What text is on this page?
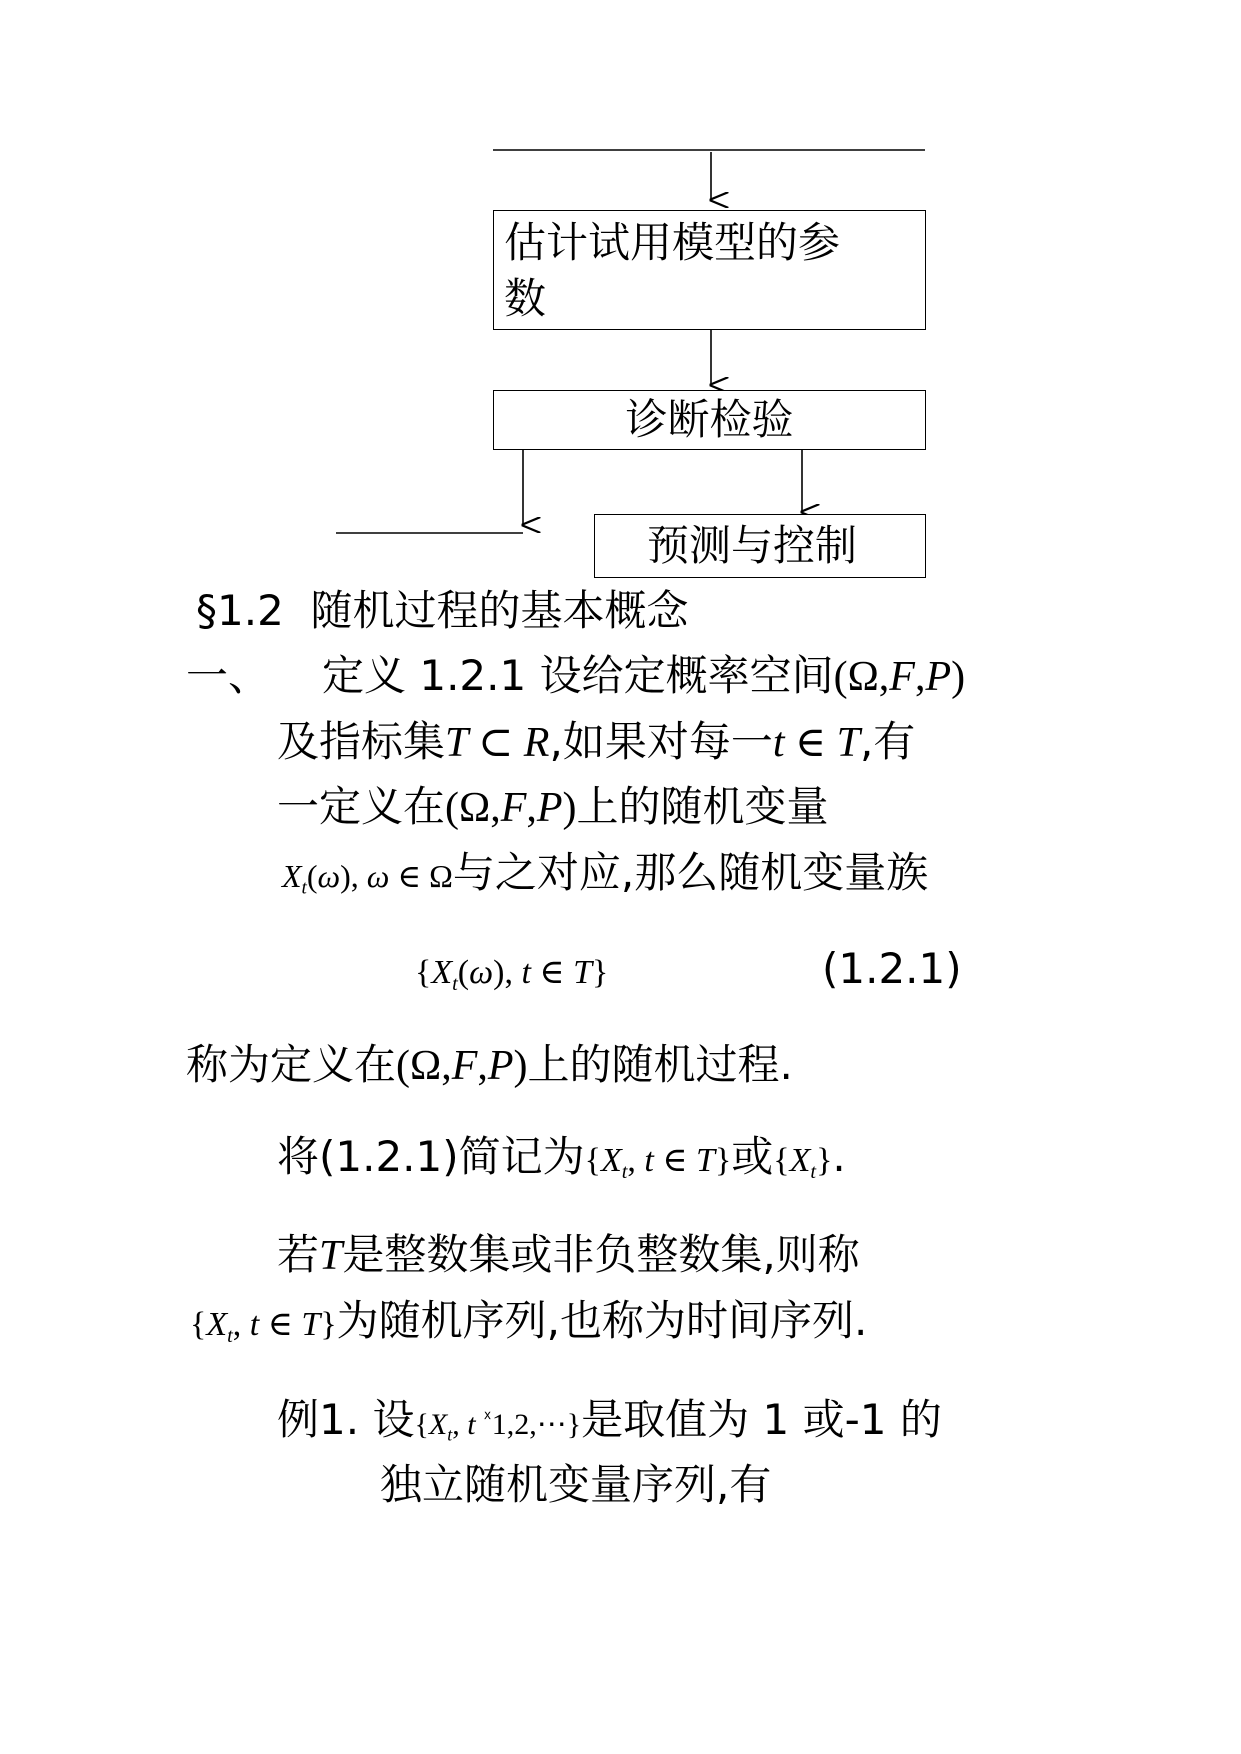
估计试用模型的参数
诊断检验
预测与控制
§1.2  随机过程的基本概念
一、 定义 1.2.1 设给定概率空间(Ω,F,P)
及指标集T ⊂ R,如果对每一t ∈ T,有
一定义在(Ω,F,P)上的随机变量
$X_t(\omega)$, ω ∈ Ω与之对应,那么随机变量族
{$X_t(\omega)$, t ∈ T}	(1.2.1)
称为定义在(Ω,F,P)上的随机过程.
将(1.2.1)简记为{$X_t$, t ∈ T}或$\{X_t\}$.
若T是整数集或非负整数集,则称
{$X_t$, t ∈ T}为随机序列,也称为时间序列.
例1. 设{$X_t$, t $^ᕁ$1,2,⋯}是取值为 1 或-1 的
独立随机变量序列,有
